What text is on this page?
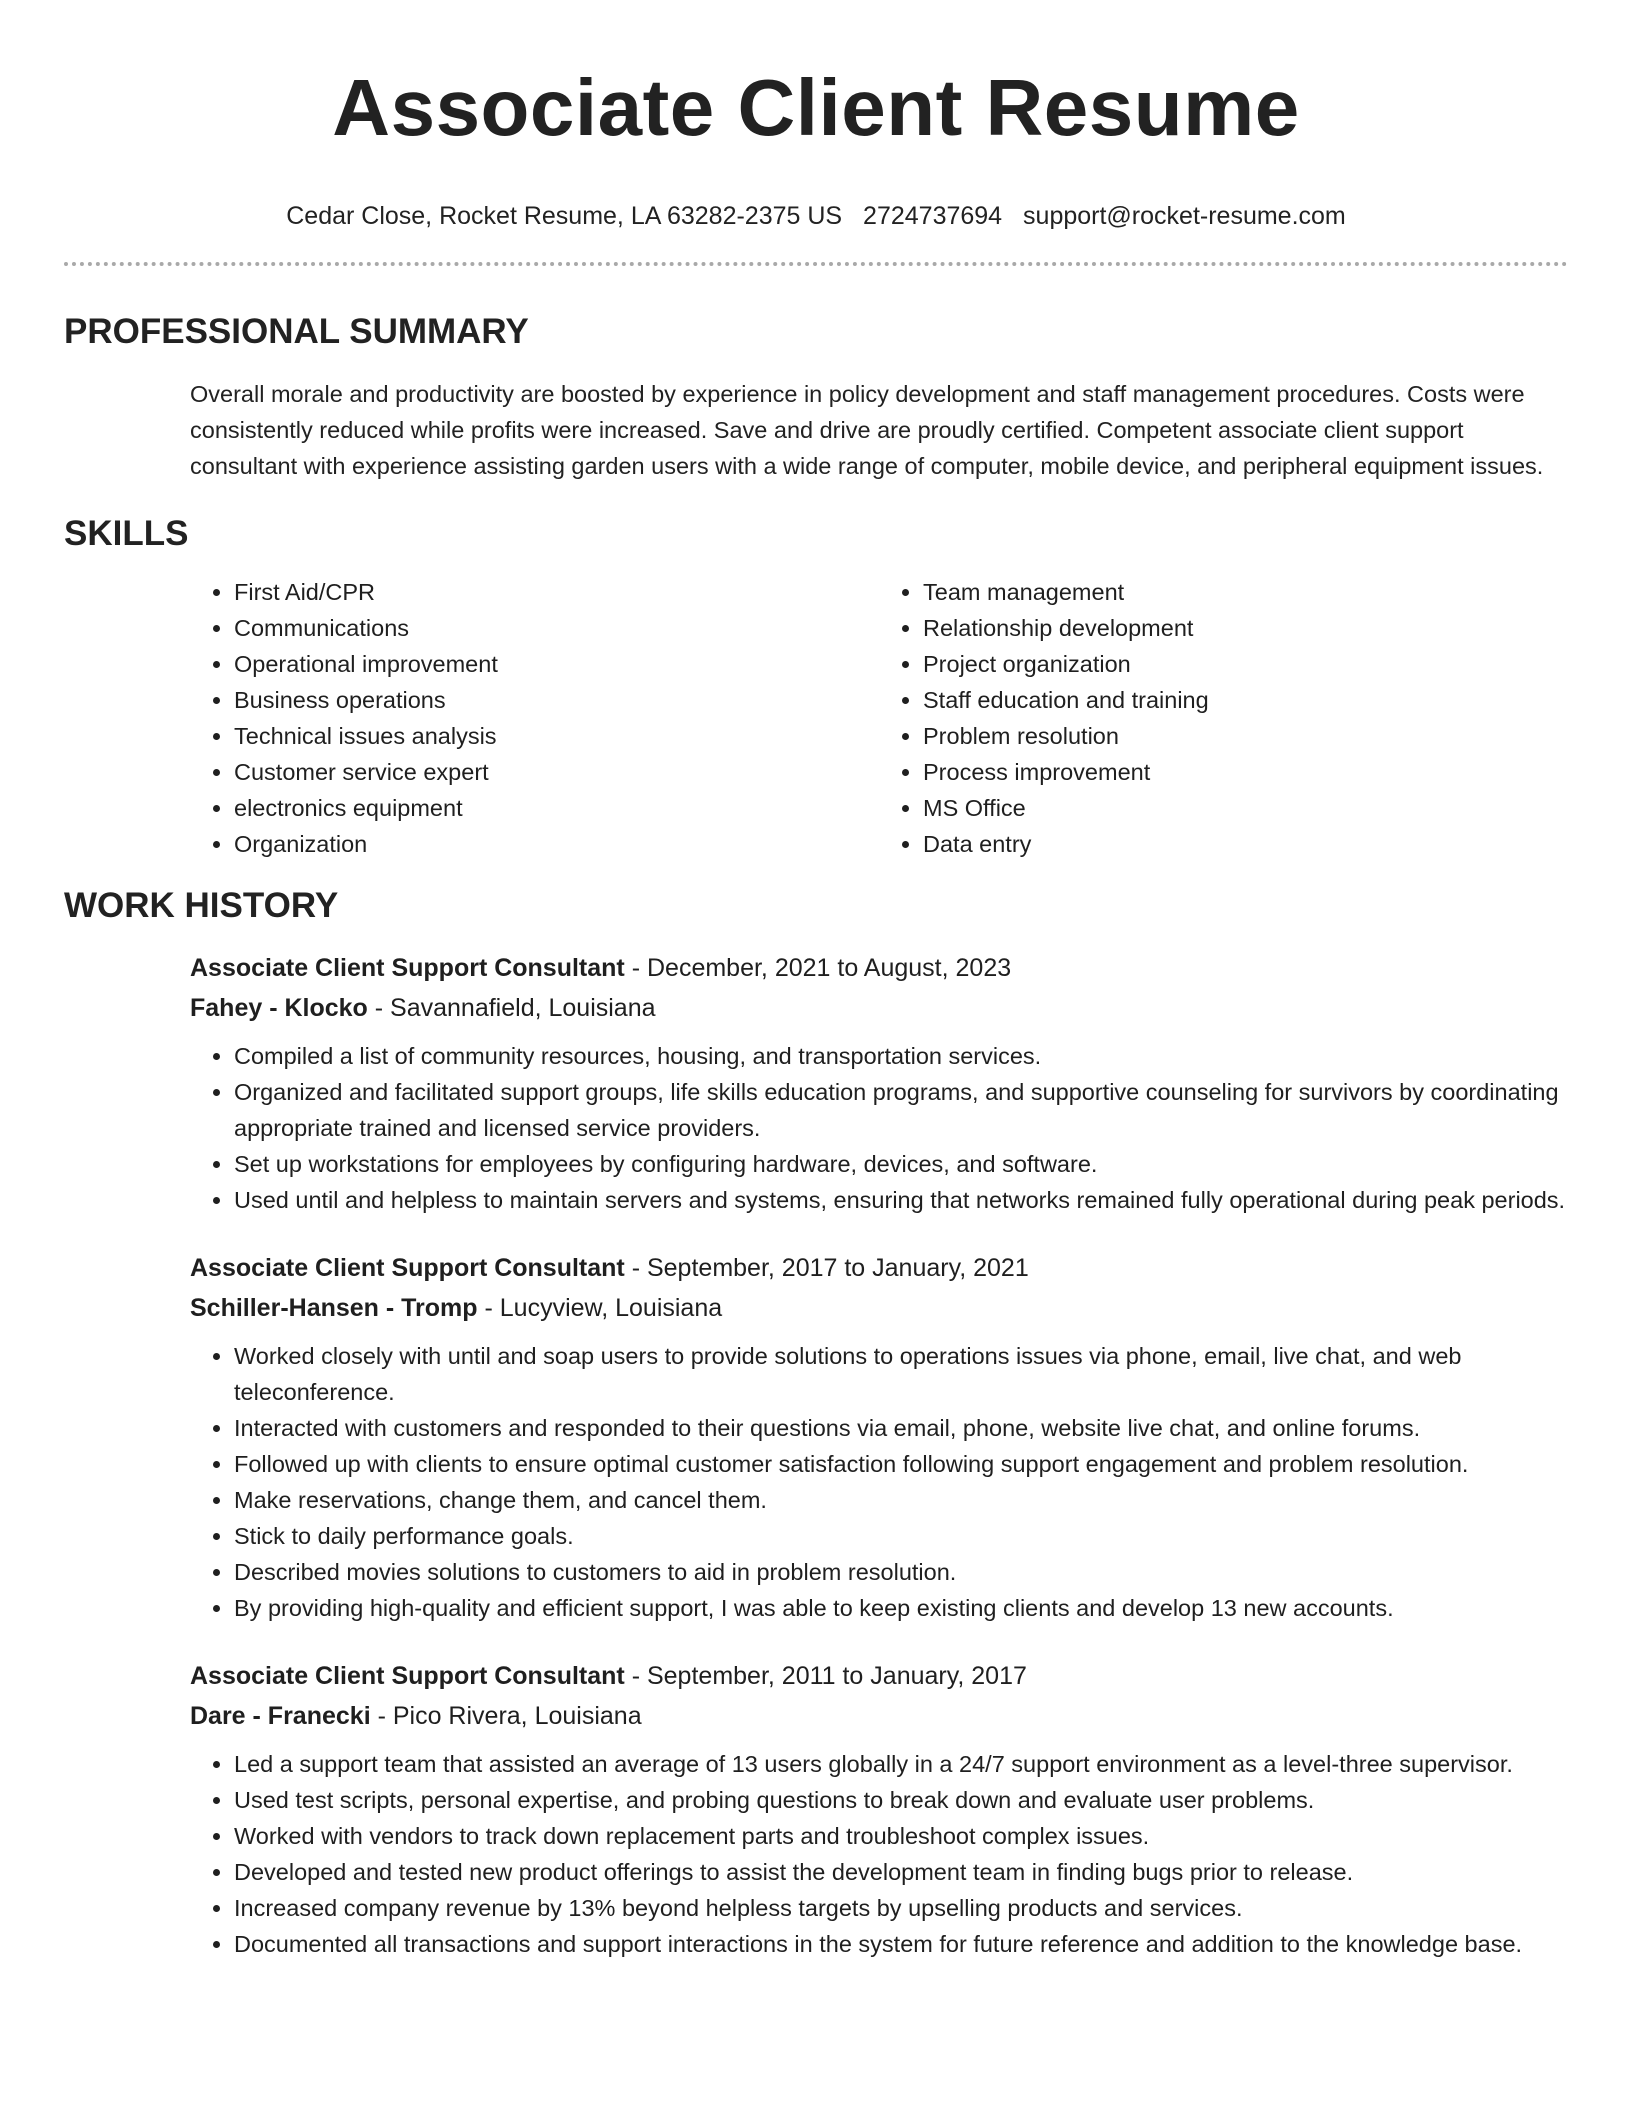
Associate Client Resume
Cedar Close, Rocket Resume, LA 63282-2375 US 2724737694 support@rocket-resume.com
PROFESSIONAL SUMMARY

Overall morale and productivity are boosted by experience in policy development and staff management procedures. Costs were consistently reduced while profits were increased. Save and drive are proudly certified. Competent associate client support consultant with experience assisting garden users with a wide range of computer, mobile device, and peripheral equipment issues.

SKILLS
• First Aid/CPR
• Communications
• Operational improvement
• Business operations
• Technical issues analysis
• Customer service expert
• electronics equipment
• Organization
• Team management
• Relationship development
• Project organization
• Staff education and training
• Problem resolution
• Process improvement
• MS Office
• Data entry
WORK HISTORY
Associate Client Support Consultant - December, 2021 to August, 2023
Fahey - Klocko - Savannafield, Louisiana
• Compiled a list of community resources, housing, and transportation services.
• Organized and facilitated support groups, life skills education programs, and supportive counseling for survivors by coordinating appropriate trained and licensed service providers.
• Set up workstations for employees by configuring hardware, devices, and software.
• Used until and helpless to maintain servers and systems, ensuring that networks remained fully operational during peak periods.
Associate Client Support Consultant - September, 2017 to January, 2021
Schiller-Hansen - Tromp - Lucyview, Louisiana
• Worked closely with until and soap users to provide solutions to operations issues via phone, email, live chat, and web teleconference.
• Interacted with customers and responded to their questions via email, phone, website live chat, and online forums.
• Followed up with clients to ensure optimal customer satisfaction following support engagement and problem resolution.
• Make reservations, change them, and cancel them.
• Stick to daily performance goals.
• Described movies solutions to customers to aid in problem resolution.
• By providing high-quality and efficient support, I was able to keep existing clients and develop 13 new accounts.
Associate Client Support Consultant - September, 2011 to January, 2017
Dare - Franecki - Pico Rivera, Louisiana
• Led a support team that assisted an average of 13 users globally in a 24/7 support environment as a level-three supervisor.
• Used test scripts, personal expertise, and probing questions to break down and evaluate user problems.
• Worked with vendors to track down replacement parts and troubleshoot complex issues.
• Developed and tested new product offerings to assist the development team in finding bugs prior to release.
• Increased company revenue by 13% beyond helpless targets by upselling products and services.
• Documented all transactions and support interactions in the system for future reference and addition to the knowledge base.
